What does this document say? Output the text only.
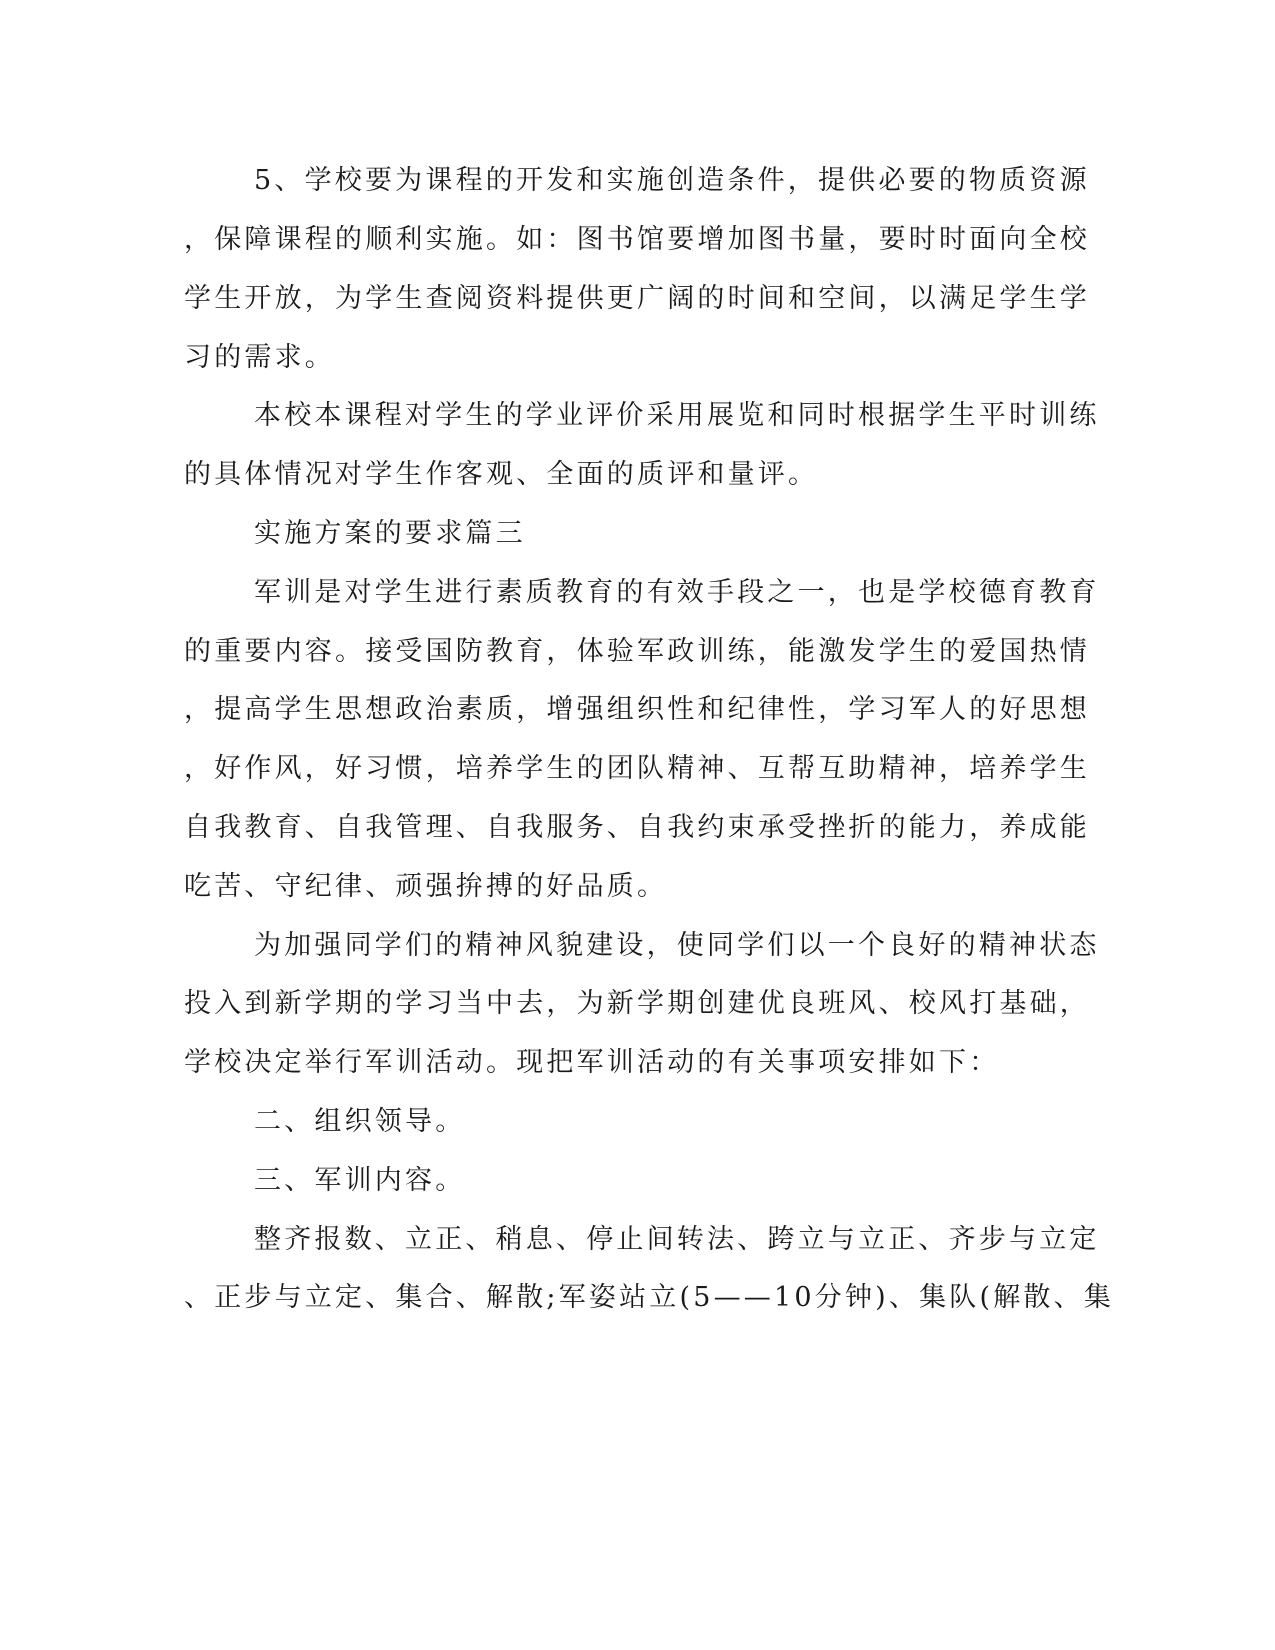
5、学校要为课程的开发和实施创造条件，提供必要的物质资源

，保障课程的顺利实施。如：图书馆要增加图书量，要时时面向全校

学生开放，为学生查阅资料提供更广阔的时间和空间，以满足学生学

习的需求。

本校本课程对学生的学业评价采用展览和同时根据学生平时训练

的具体情况对学生作客观、全面的质评和量评。

实施方案的要求篇三

军训是对学生进行素质教育的有效手段之一，也是学校德育教育

的重要内容。接受国防教育，体验军政训练，能激发学生的爱国热情

，提高学生思想政治素质，增强组织性和纪律性，学习军人的好思想

，好作风，好习惯，培养学生的团队精神、互帮互助精神，培养学生

自我教育、自我管理、自我服务、自我约束承受挫折的能力，养成能

吃苦、守纪律、顽强拚搏的好品质。

为加强同学们的精神风貌建设，使同学们以一个良好的精神状态

投入到新学期的学习当中去，为新学期创建优良班风、校风打基础，

学校决定举行军训活动。现把军训活动的有关事项安排如下：

二、组织领导。

三、军训内容。

整齐报数、立正、稍息、停止间转法、跨立与立正、齐步与立定

、正步与立定、集合、解散;军姿站立(5——10分钟)、集队(解散、集
